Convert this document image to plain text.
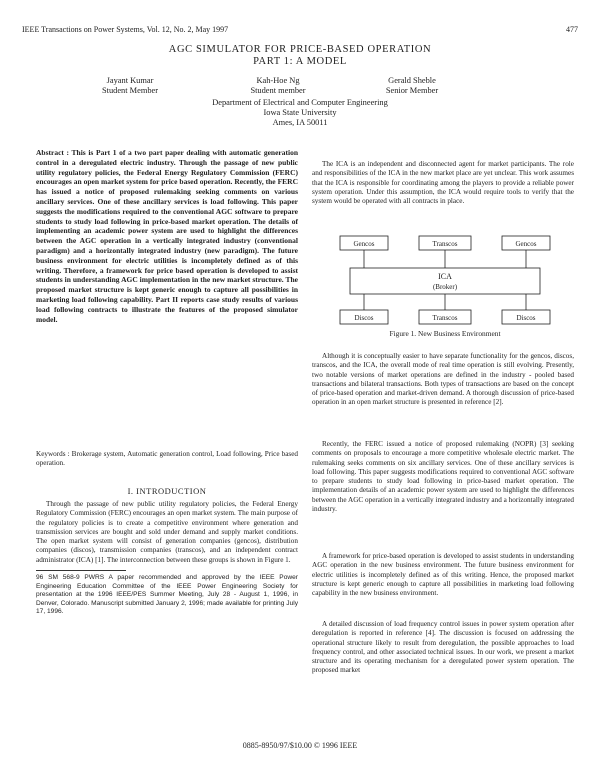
IEEE Transactions on Power Systems, Vol. 12, No. 2, May 1997	477
AGC SIMULATOR FOR PRICE-BASED OPERATION
PART 1: A MODEL
Jayant Kumar
Student Member
Kah-Hoe Ng
Student member
Gerald Sheble
Senior Member
Department of Electrical and Computer Engineering
Iowa State University
Ames, IA 50011
Abstract : This is Part 1 of a two part paper dealing with automatic generation control in a deregulated electric industry. Through the passage of new public utility regulatory policies, the Federal Energy Regulatory Commission (FERC) encourages an open market system for price based operation. Recently, the FERC has issued a notice of proposed rulemaking seeking comments on various ancillary services. One of these ancillary services is load following. This paper suggests the modifications required to the conventional AGC software to prepare students to study load following in price-based market operation. The details of implementing an academic power system are used to highlight the differences between the AGC operation in a vertically integrated industry (conventional paradigm) and a horizontally integrated industry (new paradigm). The future business environment for electric utilities is incompletely defined as of this writing. Therefore, a framework for price based operation is developed to assist students in understanding AGC implementation in the new market structure. The proposed market structure is kept generic enough to capture all possibilities in marketing load following capability. Part II reports case study results of various load following contracts to illustrate the features of the proposed simulator model.
Keywords : Brokerage system, Automatic generation control, Load following, Price based operation.
I. INTRODUCTION

Through the passage of new public utility regulatory policies, the Federal Energy Regulatory Commission (FERC) encourages an open market system. The main purpose of the regulatory policies is to create a competitive environment where generation and transmission services are bought and sold under demand and supply market conditions. The open market system will consist of generation companies (gencos), distribution companies (discos), transmission companies (transcos), and an independent contract administrator (ICA) [1]. The interconnection between these groups is shown in Figure 1.

96 SM 568-9 PWRS A paper recommended and approved by the IEEE Power Engineering Education Committee of the IEEE Power Engineering Society for presentation at the 1996 IEEE/PES Summer Meeting, July 28 - August 1, 1996, in Denver, Colorado. Manuscript submitted January 2, 1996; made available for printing July 17, 1996.

The ICA is an independent and disconnected agent for market participants. The role and responsibilities of the ICA in the new market place are yet unclear. This work assumes that the ICA is responsible for coordinating among the players to provide a reliable power system operation. Under this assumption, the ICA would require tools to verify that the system would be operated with all contracts in place.

Gencos	Transcos	Gencos
ICA
(Broker)
Discos	Transcos	Discos
Figure 1. New Business Environment

Although it is conceptually easier to have separate functionality for the gencos, discos, transcos, and the ICA, the overall mode of real time operation is still evolving. Presently, two notable versions of market operations are defined in the industry - pooled based transactions and bilateral transactions. Both types of transactions are based on the concept of price-based operation and market-driven demand. A thorough discussion of price-based operation in an open market structure is presented in reference [2].

Recently, the FERC issued a notice of proposed rulemaking (NOPR) [3] seeking comments on proposals to encourage a more competitive wholesale electric market. The rulemaking seeks comments on six ancillary services. One of these ancillary services is load following. This paper suggests modifications required to conventional AGC software to prepare students to study load following in price-based market operation. The implementation details of an academic power system are used to highlight the differences between the AGC operation in a vertically integrated industry and a horizontally integrated industry.

A framework for price-based operation is developed to assist students in understanding AGC operation in the new business environment. The future business environment for electric utilities is incompletely defined as of this writing. Hence, the proposed market structure is kept generic enough to capture all possibilities in marketing load following capability in the new business environment.

A detailed discussion of load frequency control issues in power system operation after deregulation is reported in reference [4]. The discussion is focused on addressing the operational structure likely to result from deregulation, the possible approaches to load frequency control, and other associated technical issues. In our work, we present a market structure and its operating mechanism for a deregulated power system operation. The proposed market

0885-8950/97/$10.00 © 1996 IEEE
